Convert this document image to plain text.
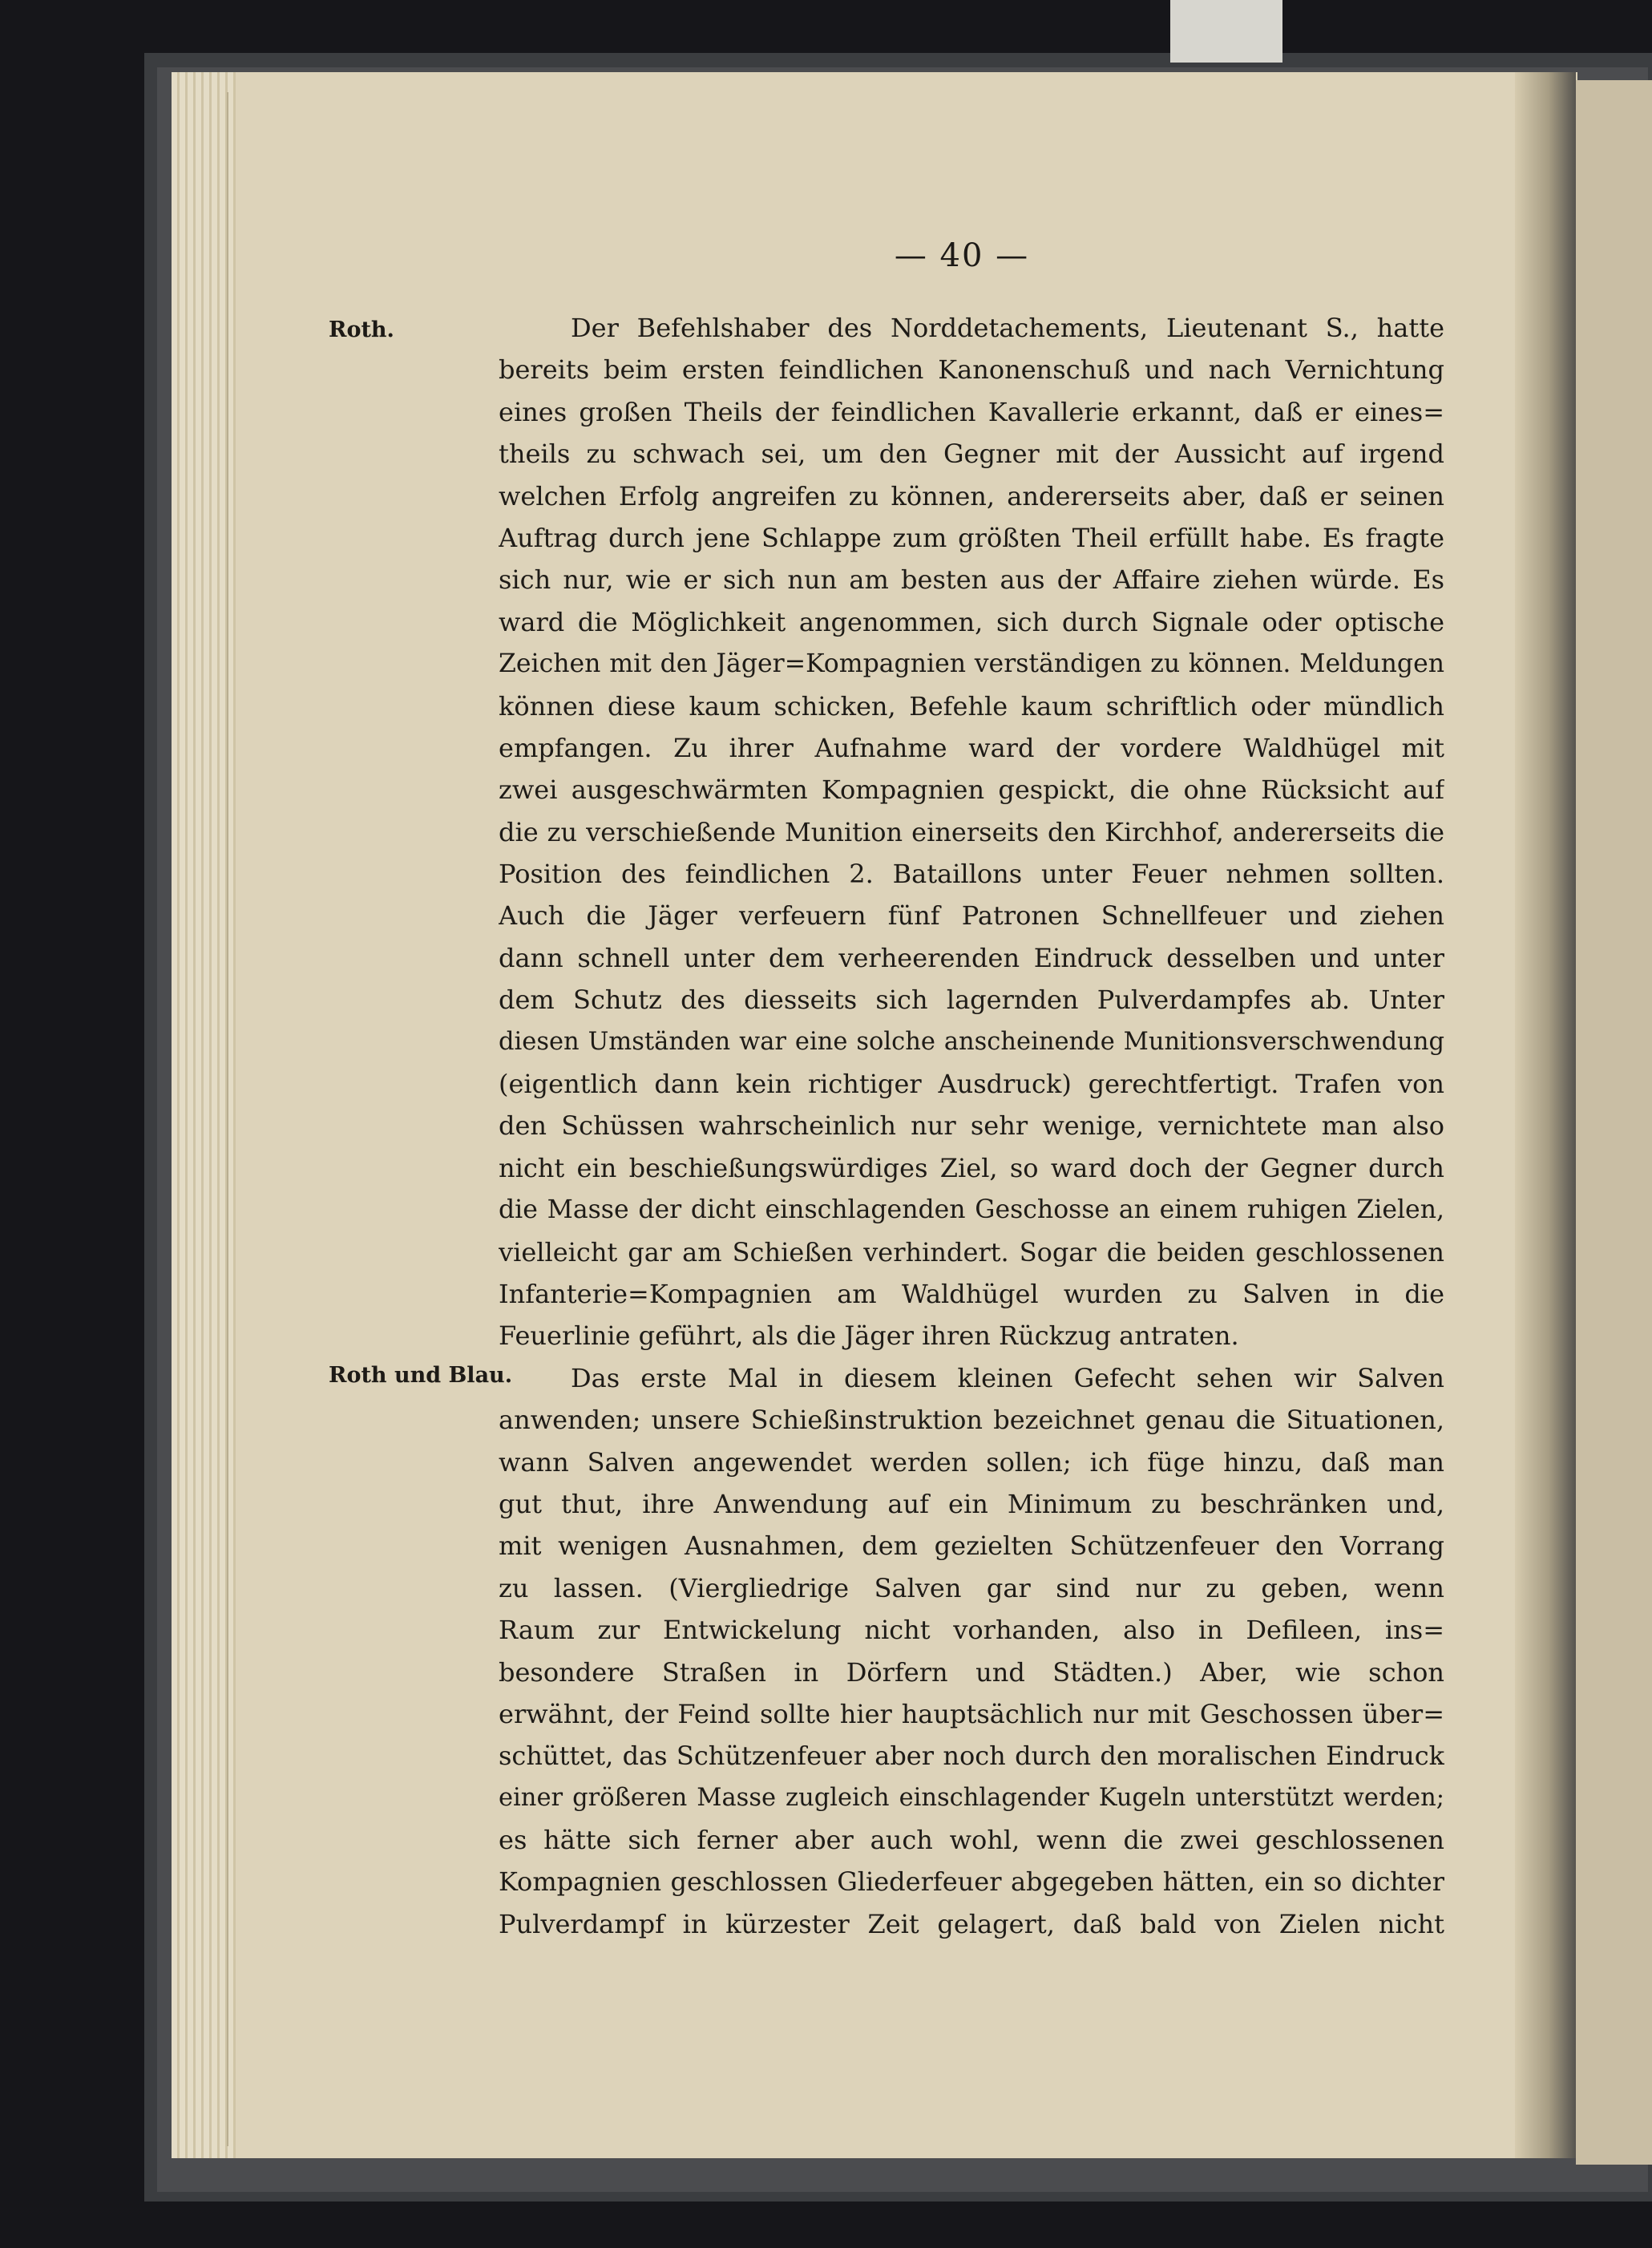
— 40 —
Roth.
Roth und Blau.
Der Befehlshaber des Norddetachements, Lieutenant S., hatte
bereits beim ersten feindlichen Kanonenschuß und nach Vernichtung
eines großen Theils der feindlichen Kavallerie erkannt, daß er eines=
theils zu schwach sei, um den Gegner mit der Aussicht auf irgend
welchen Erfolg angreifen zu können, andererseits aber, daß er seinen
Auftrag durch jene Schlappe zum größten Theil erfüllt habe. Es fragte
sich nur, wie er sich nun am besten aus der Affaire ziehen würde. Es
ward die Möglichkeit angenommen, sich durch Signale oder optische
Zeichen mit den Jäger=Kompagnien verständigen zu können. Meldungen
können diese kaum schicken, Befehle kaum schriftlich oder mündlich
empfangen. Zu ihrer Aufnahme ward der vordere Waldhügel mit
zwei ausgeschwärmten Kompagnien gespickt, die ohne Rücksicht auf
die zu verschießende Munition einerseits den Kirchhof, andererseits die
Position des feindlichen 2. Bataillons unter Feuer nehmen sollten.
Auch die Jäger verfeuern fünf Patronen Schnellfeuer und ziehen
dann schnell unter dem verheerenden Eindruck desselben und unter
dem Schutz des diesseits sich lagernden Pulverdampfes ab. Unter
diesen Umständen war eine solche anscheinende Munitionsverschwendung
(eigentlich dann kein richtiger Ausdruck) gerechtfertigt. Trafen von
den Schüssen wahrscheinlich nur sehr wenige, vernichtete man also
nicht ein beschießungswürdiges Ziel, so ward doch der Gegner durch
die Masse der dicht einschlagenden Geschosse an einem ruhigen Zielen,
vielleicht gar am Schießen verhindert. Sogar die beiden geschlossenen
Infanterie=Kompagnien am Waldhügel wurden zu Salven in die
Feuerlinie geführt, als die Jäger ihren Rückzug antraten.
Das erste Mal in diesem kleinen Gefecht sehen wir Salven
anwenden; unsere Schießinstruktion bezeichnet genau die Situationen,
wann Salven angewendet werden sollen; ich füge hinzu, daß man
gut thut, ihre Anwendung auf ein Minimum zu beschränken und,
mit wenigen Ausnahmen, dem gezielten Schützenfeuer den Vorrang
zu lassen. (Viergliedrige Salven gar sind nur zu geben, wenn
Raum zur Entwickelung nicht vorhanden, also in Defileen, ins=
besondere Straßen in Dörfern und Städten.) Aber, wie schon
erwähnt, der Feind sollte hier hauptsächlich nur mit Geschossen über=
schüttet, das Schützenfeuer aber noch durch den moralischen Eindruck
einer größeren Masse zugleich einschlagender Kugeln unterstützt werden;
es hätte sich ferner aber auch wohl, wenn die zwei geschlossenen
Kompagnien geschlossen Gliederfeuer abgegeben hätten, ein so dichter
Pulverdampf in kürzester Zeit gelagert, daß bald von Zielen nicht
